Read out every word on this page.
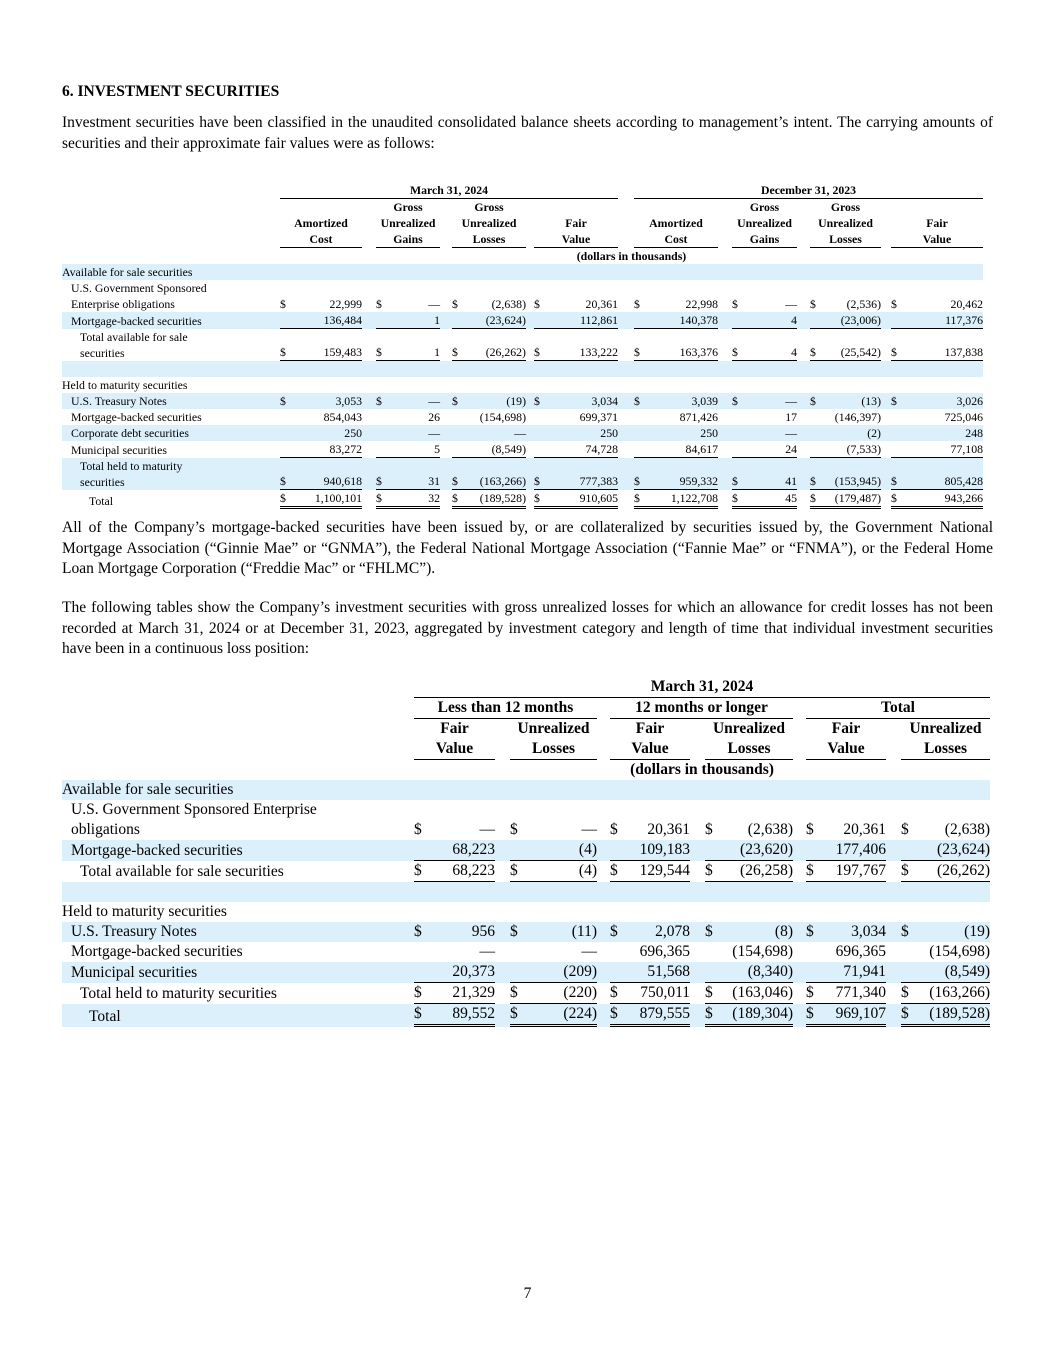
6. INVESTMENT SECURITIES
Investment securities have been classified in the unaudited consolidated balance sheets according to management’s intent. The carrying amounts of securities and their approximate fair values were as follows:

	March 31, 2024				December 31, 2023				

	Amortized
Cost	Gross
Unrealized
Gains	Gross
Unrealized
Losses	Fair
Value	Amortized
Cost	Gross
Unrealized
Gains	Gross
Unrealized
Losses	Fair
Value	

	(dollars in thousands)								

Available for sale securities									

U.S. Government Sponsored
Enterprise obligations	$ 22,999	$ —	$ (2,638)	$ 20,361	$ 22,998	$ —	$ (2,536)	$ 20,462	

Mortgage-backed securities	136,484	1	(23,624)	112,861	140,378	4	(23,006)	117,376	

Total available for sale
securities	$ 159,483	$ 1	$ (26,262)	$ 133,222	$ 163,376	$ 4	$ (25,542)	$ 137,838	

Held to maturity securities									

U.S. Treasury Notes	$ 3,053	$ —	$ (19)	$ 3,034	$ 3,039	$ —	$ (13)	$ 3,026	

Mortgage-backed securities	854,043	26	(154,698)	699,371	871,426	17	(146,397)	725,046	

Corporate debt securities	250	—	—	250	250	—	(2)	248	

Municipal securities	83,272	5	(8,549)	74,728	84,617	24	(7,533)	77,108	

Total held to maturity
securities	$ 940,618	$ 31	$ (163,266)	$ 777,383	$ 959,332	$ 41	$ (153,945)	$ 805,428	

Total	$ 1,100,101	$ 32	$ (189,528)	$ 910,605	$ 1,122,708	$ 45	$ (179,487)	$ 943,266	

All of the Company’s mortgage-backed securities have been issued by, or are collateralized by securities issued by, the Government National Mortgage Association (“Ginnie Mae” or “GNMA”), the Federal National Mortgage Association (“Fannie Mae” or “FNMA”), or the Federal Home Loan Mortgage Corporation (“Freddie Mac” or “FHLMC”).
The following tables show the Company’s investment securities with gross unrealized losses for which an allowance for credit losses has not been recorded at March 31, 2024 or at December 31, 2023, aggregated by investment category and length of time that individual investment securities have been in a continuous loss position:

	March 31, 2024						

	Less than 12 months		12 months or longer		Total		

	Fair
Value	Unrealized
Losses	Fair
Value	Unrealized
Losses	Fair
Value	Unrealized
Losses	

	(dollars in thousands)						

Available for sale securities							

U.S. Government Sponsored Enterprise
obligations	$ —	$ —	$ 20,361	$ (2,638)	$ 20,361	$ (2,638)	

Mortgage-backed securities	68,223	(4)	109,183	(23,620)	177,406	(23,624)	

Total available for sale securities	$ 68,223	$ (4)	$ 129,544	$ (26,258)	$ 197,767	$ (26,262)	

Held to maturity securities							

U.S. Treasury Notes	$ 956	$ (11)	$ 2,078	$ (8)	$ 3,034	$ (19)	

Mortgage-backed securities	—	—	696,365	(154,698)	696,365	(154,698)	

Municipal securities	20,373	(209)	51,568	(8,340)	71,941	(8,549)	

Total held to maturity securities	$ 21,329	$ (220)	$ 750,011	$ (163,046)	$ 771,340	$ (163,266)	

Total	$ 89,552	$ (224)	$ 879,555	$ (189,304)	$ 969,107	$ (189,528)	

7
